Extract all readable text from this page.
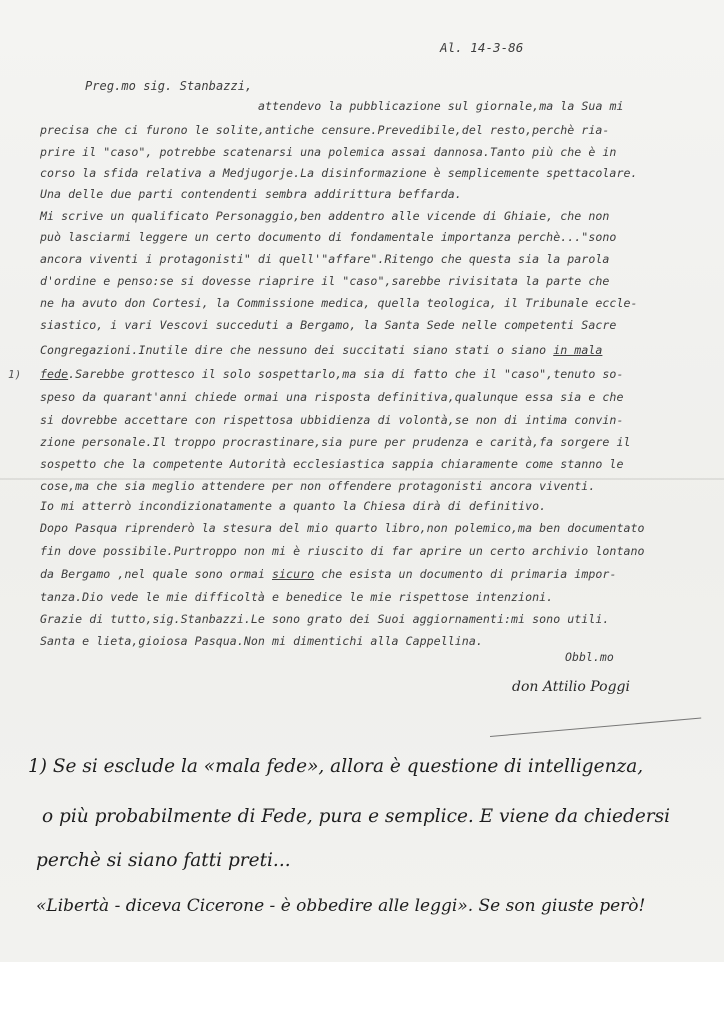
Al. 14-3-86
Preg.mo sig. Stanbazzi,
attendevo la pubblicazione sul giornale,ma la Sua mi
precisa che ci furono le solite,antiche censure.Prevedibile,del resto,perchè ria-
prire il "caso", potrebbe scatenarsi una polemica assai dannosa.Tanto più che è in
corso la sfida relativa a Medjugorje.La disinformazione è semplicemente spettacolare.
Una delle due parti contendenti sembra addirittura beffarda.
Mi scrive un qualificato Personaggio,ben addentro alle vicende di Ghiaie, che non
può lasciarmi leggere un certo documento di fondamentale importanza perchè..."sono
ancora viventi i protagonisti" di quell'"affare".Ritengo che questa sia la parola
d'ordine e penso:se si dovesse riaprire il "caso",sarebbe rivisitata la parte che
ne ha avuto don Cortesi, la Commissione medica, quella teologica, il Tribunale eccle-
siastico, i vari Vescovi succeduti a Bergamo, la Santa Sede nelle competenti Sacre
Congregazioni.Inutile dire che nessuno dei succitati siano stati o siano in mala
1) fede.Sarebbe grottesco il solo sospettarlo,ma sia di fatto che il "caso",tenuto so-
speso da quarant'anni chiede ormai una risposta definitiva,qualunque essa sia e che
si dovrebbe accettare con rispettosa ubbidienza di volontà,se non di intima convin-
zione personale.Il troppo procrastinare,sia pure per prudenza e carità,fa sorgere il
sospetto che la competente Autorità ecclesiastica sappia chiaramente come stanno le
cose,ma che sia meglio attendere per non offendere protagonisti ancora viventi.
Io mi atterrò incondizionatamente a quanto la Chiesa dirà di definitivo.
Dopo Pasqua riprenderò la stesura del mio quarto libro,non polemico,ma ben documentato
fin dove possibile.Purtroppo non mi è riuscito di far aprire un certo archivio lontano
da Bergamo ,nel quale sono ormai sicuro che esista un documento di primaria impor-
tanza.Dio vede le mie difficoltà e benedice le mie rispettose intenzioni.
Grazie di tutto,sig.Stanbazzi.Le sono grato dei Suoi aggiornamenti:mi sono utili.
Santa e lieta,gioiosa Pasqua.Non mi dimentichi alla Cappellina.
Obbl.mo
don Attilio Poggi
1) Se si esclude la «mala fede», allora è questione di intelligenza,
o più probabilmente di Fede, pura e semplice. E viene da chiedersi
perchè si siano fatti preti...
«Libertà - diceva Cicerone - è obbedire alle leggi». Se son giuste però!
